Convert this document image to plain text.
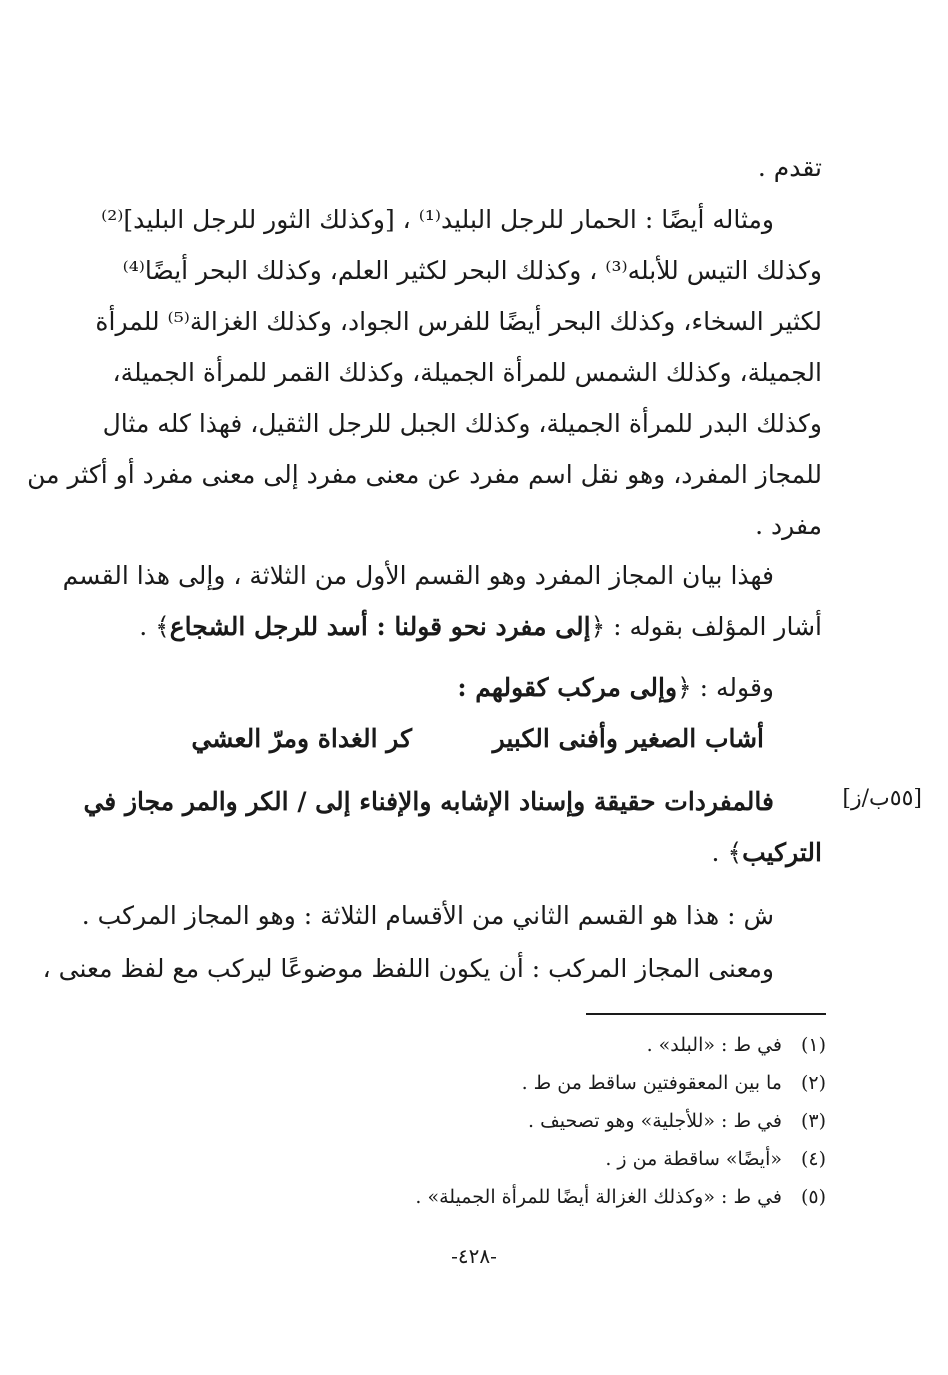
تقدم .
ومثاله أيضًا : الحمار للرجل البليد⁽¹⁾ ، [وكذلك الثور للرجل البليد]⁽²⁾
وكذلك التيس للأبله⁽³⁾ ، وكذلك البحر لكثير العلم، وكذلك البحر أيضًا⁽⁴⁾
لكثير السخاء، وكذلك البحر أيضًا للفرس الجواد، وكذلك الغزالة⁽⁵⁾ للمرأة
الجميلة، وكذلك الشمس للمرأة الجميلة، وكذلك القمر للمرأة الجميلة،
وكذلك البدر للمرأة الجميلة، وكذلك الجبل للرجل الثقيل، فهذا كله مثال
للمجاز المفرد، وهو نقل اسم مفرد عن معنى مفرد إلى معنى مفرد أو أكثر من
مفرد .
فهذا بيان المجاز المفرد وهو القسم الأول من الثلاثة ، وإلى هذا القسم
أشار المؤلف بقوله : ﴿إلى مفرد نحو قولنا : أسد للرجل الشجاع﴾ .
وقوله : ﴿وإلى مركب كقولهم :
أشاب الصغير وأفنى الكبير
كر الغداة ومرّ العشي
[٥٥ب/ز]
فالمفردات حقيقة وإسناد الإشابه والإفناء إلى / الكر والمر مجاز في
التركيب﴾ .
ش : هذا هو القسم الثاني من الأقسام الثلاثة : وهو المجاز المركب .
ومعنى المجاز المركب : أن يكون اللفظ موضوعًا ليركب مع لفظ معنى ،
(١)في ط : «البلد» .
(٢)ما بين المعقوفتين ساقط من ط .
(٣)في ط : «للأجلية» وهو تصحيف .
(٤)«أيضًا» ساقطة من ز .
(٥)في ط : «وكذلك الغزالة أيضًا للمرأة الجميلة» .
-٤٢٨-
